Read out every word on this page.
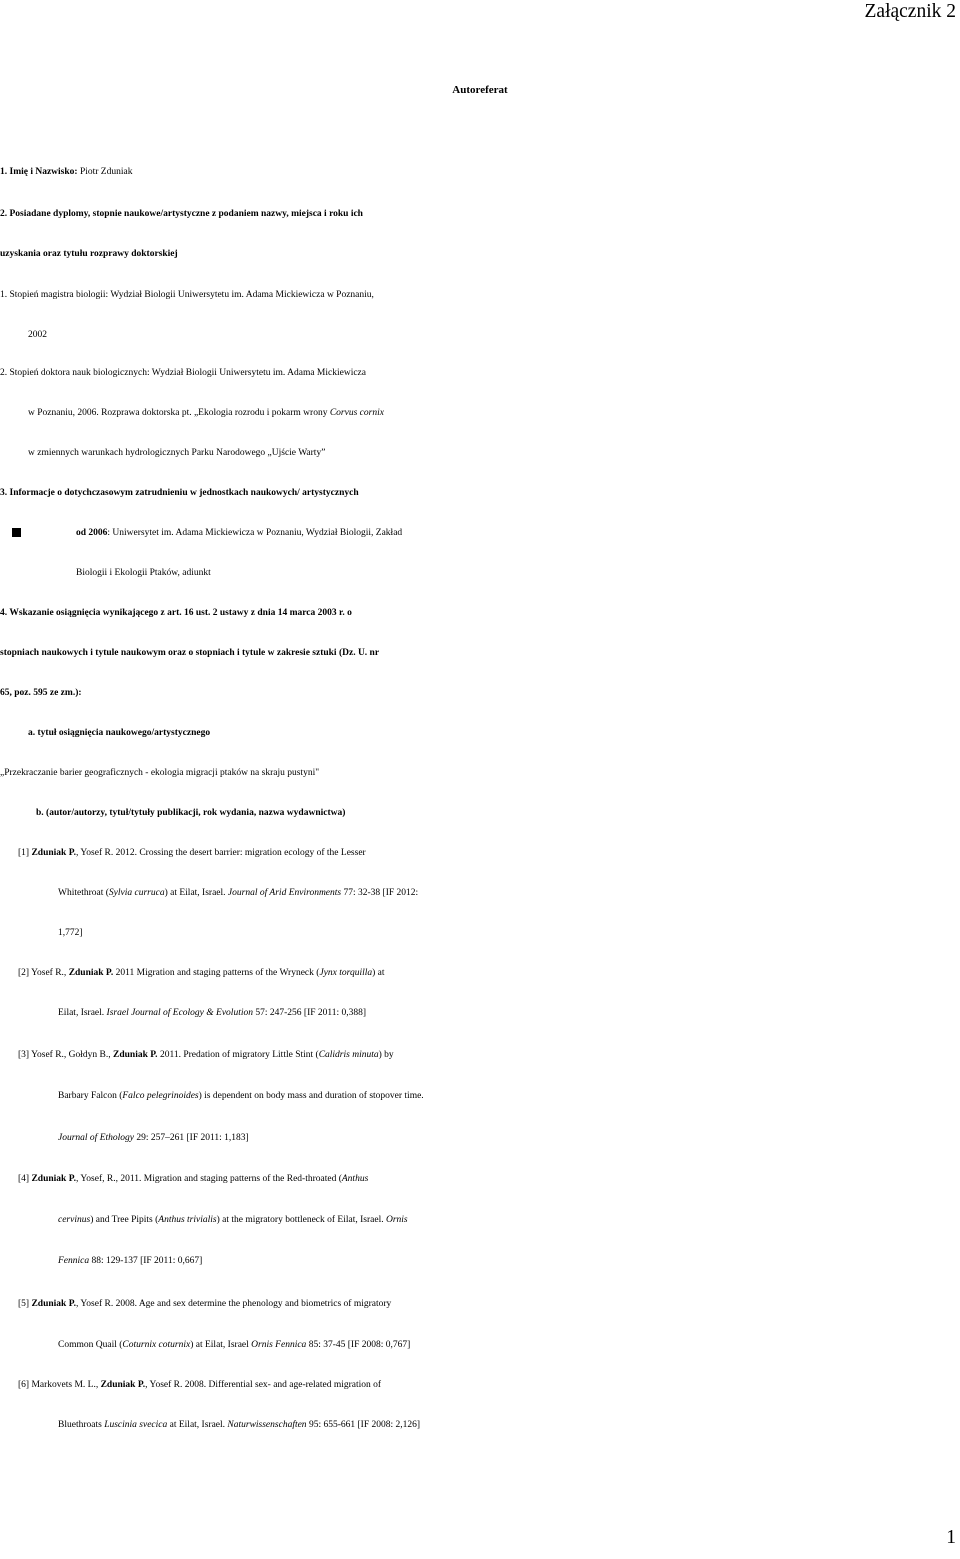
Załącznik 2
Autoreferat
1. Imię i Nazwisko: Piotr Zduniak
2. Posiadane dyplomy, stopnie naukowe/artystyczne z podaniem nazwy, miejsca i roku ich
uzyskania oraz tytułu rozprawy doktorskiej
1. Stopień magistra biologii: Wydział Biologii Uniwersytetu im. Adama Mickiewicza w Poznaniu,
2002
2. Stopień doktora nauk biologicznych: Wydział Biologii Uniwersytetu im. Adama Mickiewicza
w Poznaniu, 2006. Rozprawa doktorska pt. „Ekologia rozrodu i pokarm wrony Corvus cornix
w zmiennych warunkach hydrologicznych Parku Narodowego „Ujście Warty”
3. Informacje o dotychczasowym zatrudnieniu w jednostkach naukowych/ artystycznych
od 2006: Uniwersytet im. Adama Mickiewicza w Poznaniu, Wydział Biologii, Zakład
Biologii i Ekologii Ptaków, adiunkt
4. Wskazanie osiągnięcia wynikającego z art. 16 ust. 2 ustawy z dnia 14 marca 2003 r. o
stopniach naukowych i tytule naukowym oraz o stopniach i tytule w zakresie sztuki (Dz. U. nr
65, poz. 595 ze zm.):
a. tytuł osiągnięcia naukowego/artystycznego
„Przekraczanie barier geograficznych - ekologia migracji ptaków na skraju pustyni"
b. (autor/autorzy, tytuł/tytuły publikacji, rok wydania, nazwa wydawnictwa)
[1] Zduniak P., Yosef R. 2012. Crossing the desert barrier: migration ecology of the Lesser
Whitethroat (Sylvia curruca) at Eilat, Israel. Journal of Arid Environments 77: 32-38 [IF 2012:
1,772]
[2] Yosef R., Zduniak P. 2011 Migration and staging patterns of the Wryneck (Jynx torquilla) at
Eilat, Israel. Israel Journal of Ecology & Evolution 57: 247-256 [IF 2011: 0,388]
[3] Yosef R., Gołdyn B., Zduniak P. 2011. Predation of migratory Little Stint (Calidris minuta) by
Barbary Falcon (Falco pelegrinoides) is dependent on body mass and duration of stopover time.
Journal of Ethology 29: 257–261 [IF 2011: 1,183]
[4] Zduniak P., Yosef, R., 2011. Migration and staging patterns of the Red-throated (Anthus
cervinus) and Tree Pipits (Anthus trivialis) at the migratory bottleneck of Eilat, Israel. Ornis
Fennica 88: 129-137 [IF 2011: 0,667]
[5] Zduniak P., Yosef R. 2008. Age and sex determine the phenology and biometrics of migratory
Common Quail (Coturnix coturnix) at Eilat, Israel Ornis Fennica 85: 37-45 [IF 2008: 0,767]
[6] Markovets M. L., Zduniak P., Yosef R. 2008. Differential sex- and age-related migration of
Bluethroats Luscinia svecica at Eilat, Israel. Naturwissenschaften 95: 655-661 [IF 2008: 2,126]
1
